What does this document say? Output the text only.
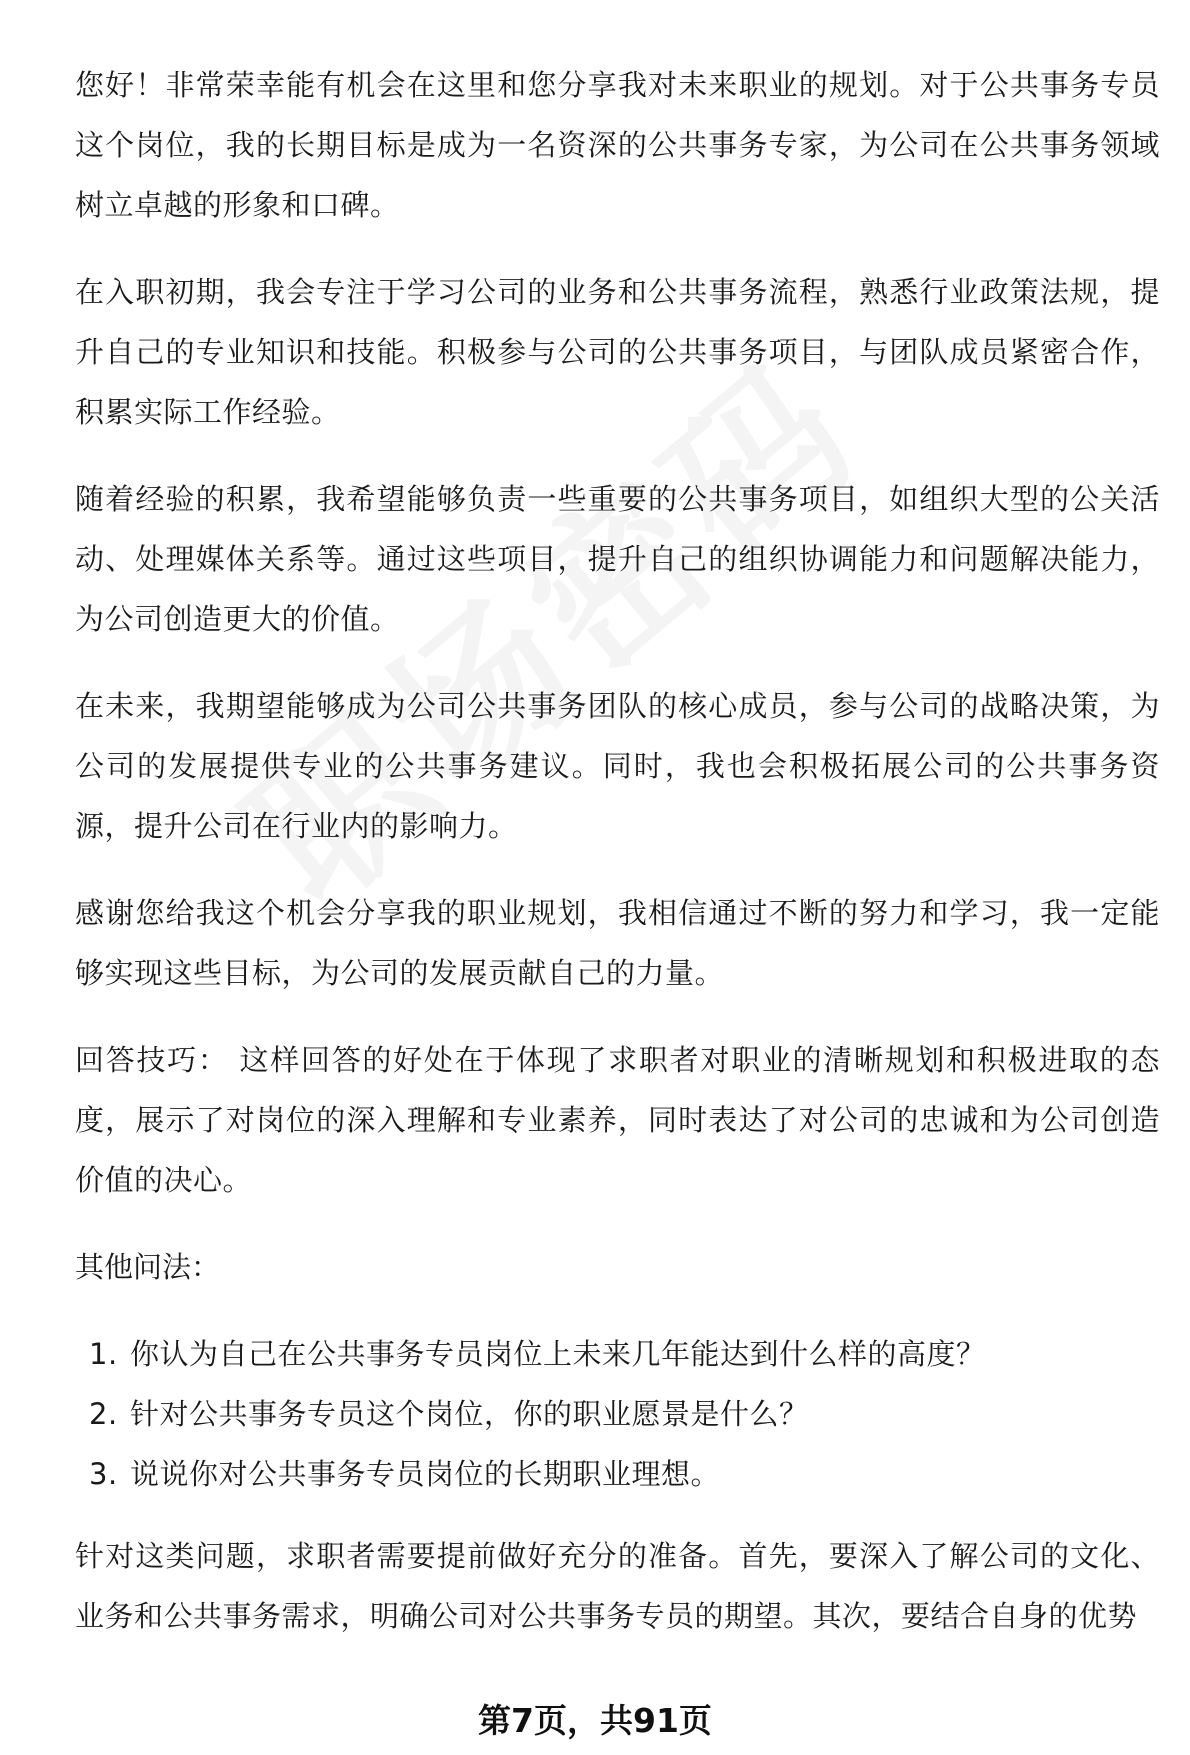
您好！非常荣幸能有机会在这里和您分享我对未来职业的规划。对于公共事务专员这个岗位，我的长期目标是成为一名资深的公共事务专家，为公司在公共事务领域树立卓越的形象和口碑。

在入职初期，我会专注于学习公司的业务和公共事务流程，熟悉行业政策法规，提升自己的专业知识和技能。积极参与公司的公共事务项目，与团队成员紧密合作，积累实际工作经验。

随着经验的积累，我希望能够负责一些重要的公共事务项目，如组织大型的公关活动、处理媒体关系等。通过这些项目，提升自己的组织协调能力和问题解决能力，为公司创造更大的价值。

在未来，我期望能够成为公司公共事务团队的核心成员，参与公司的战略决策，为公司的发展提供专业的公共事务建议。同时，我也会积极拓展公司的公共事务资源，提升公司在行业内的影响力。

感谢您给我这个机会分享我的职业规划，我相信通过不断的努力和学习，我一定能够实现这些目标，为公司的发展贡献自己的力量。

回答技巧： 这样回答的好处在于体现了求职者对职业的清晰规划和积极进取的态度，展示了对岗位的深入理解和专业素养，同时表达了对公司的忠诚和为公司创造价值的决心。

其他问法：

1. 你认为自己在公共事务专员岗位上未来几年能达到什么样的高度？
2. 针对公共事务专员这个岗位，你的职业愿景是什么？
3. 说说你对公共事务专员岗位的长期职业理想。

针对这类问题，求职者需要提前做好充分的准备。首先，要深入了解公司的文化、业务和公共事务需求，明确公司对公共事务专员的期望。其次，要结合自身的优势

第7页，共91页
